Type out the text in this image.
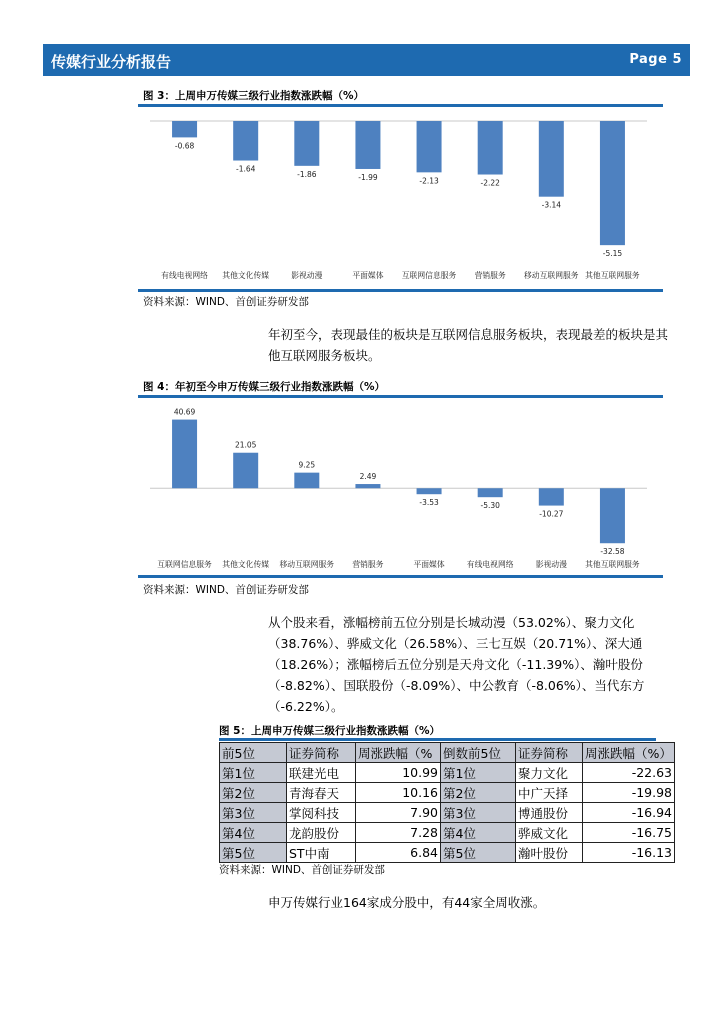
传媒行业分析报告	Page 5
图 3：上周申万传媒三级行业指数涨跌幅（%）
-0.68
有线电视网络
-1.64
其他文化传媒
-1.86
影视动漫
-1.99
平面媒体
-2.13
互联网信息服务
-2.22
营销服务
-3.14
移动互联网服务
-5.15
其他互联网服务
资料来源：WIND、首创证券研发部
年初至今，表现最佳的板块是互联网信息服务板块，表现最差的板块是其他互联网服务板块。
图 4：年初至今申万传媒三级行业指数涨跌幅（%）
40.69
互联网信息服务
21.05
其他文化传媒
9.25
移动互联网服务
2.49
营销服务
-3.53
平面媒体
-5.30
有线电视网络
-10.27
影视动漫
-32.58
其他互联网服务
资料来源：WIND、首创证券研发部
从个股来看，涨幅榜前五位分别是长城动漫（53.02%）、聚力文化（38.76%）、骅威文化（26.58%）、三七互娱（20.71%）、深大通（18.26%）；涨幅榜后五位分别是天舟文化（-11.39%）、瀚叶股份（-8.82%）、国联股份（-8.09%）、中公教育（-8.06%）、当代东方（-6.22%）。
图 5：上周申万传媒三级行业指数涨跌幅（%）
前5位	证券简称	周涨跌幅（%	倒数前5位	证券简称	周涨跌幅（%）
第1位	联建光电	10.99	第1位	聚力文化	-22.63
第2位	青海春天	10.16	第2位	中广天择	-19.98
第3位	掌阅科技	7.90	第3位	博通股份	-16.94
第4位	龙韵股份	7.28	第4位	骅威文化	-16.75
第5位	ST中南	6.84	第5位	瀚叶股份	-16.13
资料来源：WIND、首创证券研发部
申万传媒行业164家成分股中，有44家全周收涨。
